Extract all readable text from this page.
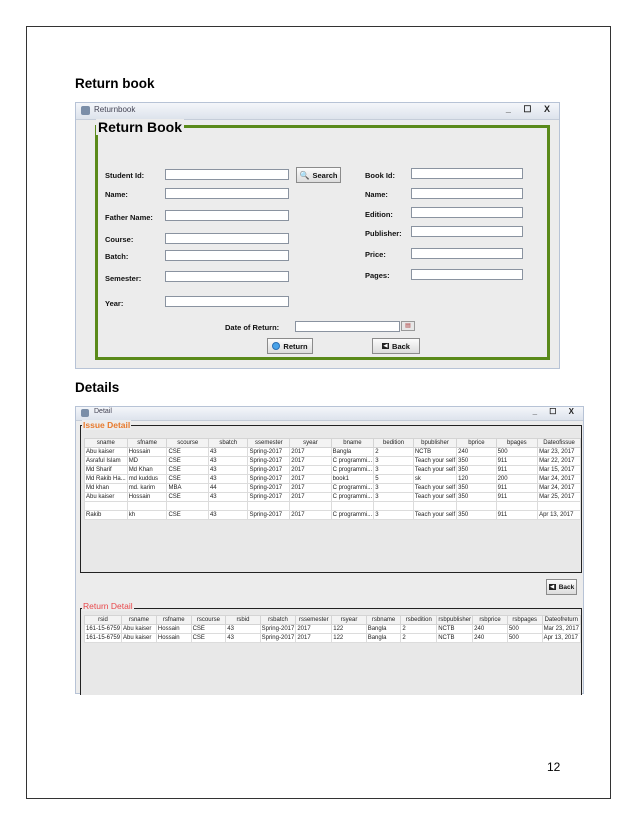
Return book
Returnbook	_ ☐ X
Return Book
Student Id:
Name:
Father Name:
Course:
Batch:
Semester:
Year:
🔍 Search	Book Id:
Name:
Edition:
Publisher:
Price:
Pages:
Date of Return:	▤
Return	◀ Back
Details
Detail	_ ☐ X
sname	sfname	scourse	sbatch	ssemester	syear	bname	bedition	bpublisher	bprice	bpages	Dateofissue
Abu kaiser	Hossain	CSE	43	Spring-2017	2017	Bangla	2	NCTB	240	500	Mar 23, 2017
Asraful Islam	MD	CSE	43	Spring-2017	2017	C programmi...	3	Teach your self	350	911	Mar 22, 2017
Md Sharif	Md Khan	CSE	43	Spring-2017	2017	C programmi...	3	Teach your self	350	911	Mar 15, 2017
Md Rakib Ha...	md kuddus	CSE	43	Spring-2017	2017	book1	5	sk	120	200	Mar 24, 2017
Md khan	md. karim	MBA	44	Spring-2017	2017	C programmi...	3	Teach your self	350	911	Mar 24, 2017
Abu kaiser	Hossain	CSE	43	Spring-2017	2017	C programmi...	3	Teach your self	350	911	Mar 25, 2017

Rakib	kh	CSE	43	Spring-2017	2017	C programmi...	3	Teach your self	350	911	Apr 13, 2017
Issue Detail
◀ Back
rsid	rsname	rsfname	rscourse	rsbid	rsbatch	rssemester	rsyear	rsbname	rsbedition	rsbpublisher	rsbprice	rsbpages	Dateofreturn
161-15-6759	Abu kaiser	Hossain	CSE	43	Spring-2017	2017	122	Bangla	2	NCTB	240	500	Mar 23, 2017
161-15-6759	Abu kaiser	Hossain	CSE	43	Spring-2017	2017	122	Bangla	2	NCTB	240	500	Apr 13, 2017
Return Detail
12
